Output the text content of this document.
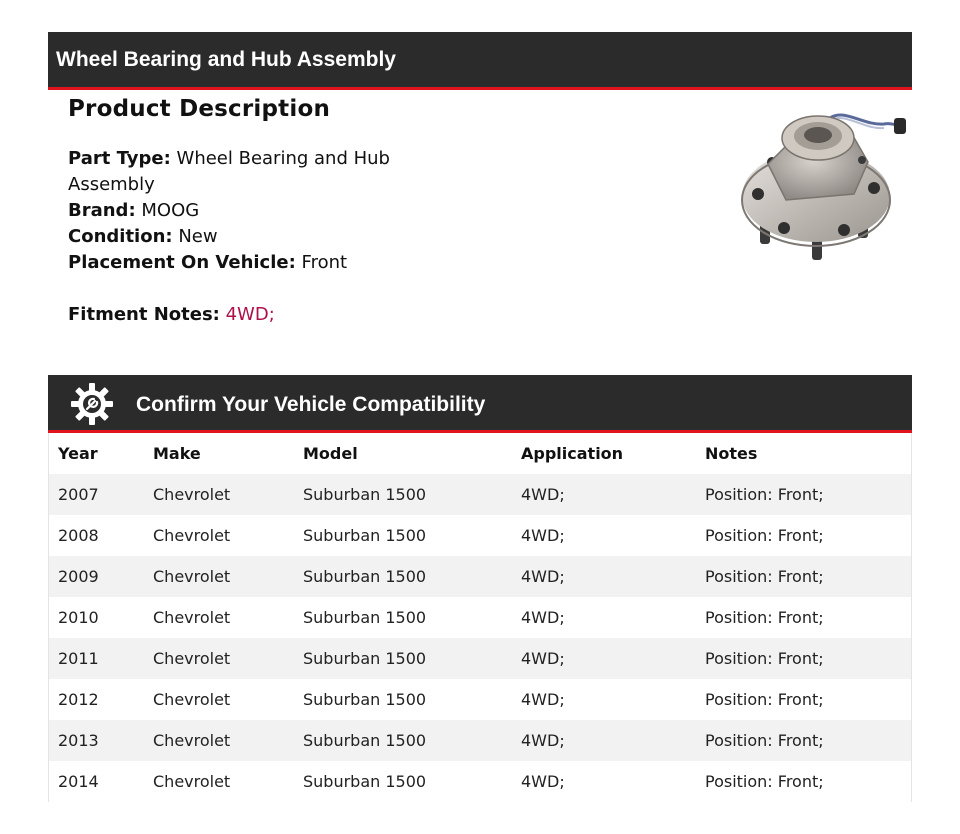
Wheel Bearing and Hub Assembly
Product Description
Part Type: Wheel Bearing and Hub Assembly
Brand: MOOG
Condition: New
Placement On Vehicle: Front
Fitment Notes: 4WD;
Confirm Your Vehicle Compatibility
Year	Make	Model	Application	Notes
2007	Chevrolet	Suburban 1500	4WD;	Position: Front;
2008	Chevrolet	Suburban 1500	4WD;	Position: Front;
2009	Chevrolet	Suburban 1500	4WD;	Position: Front;
2010	Chevrolet	Suburban 1500	4WD;	Position: Front;
2011	Chevrolet	Suburban 1500	4WD;	Position: Front;
2012	Chevrolet	Suburban 1500	4WD;	Position: Front;
2013	Chevrolet	Suburban 1500	4WD;	Position: Front;
2014	Chevrolet	Suburban 1500	4WD;	Position: Front;
